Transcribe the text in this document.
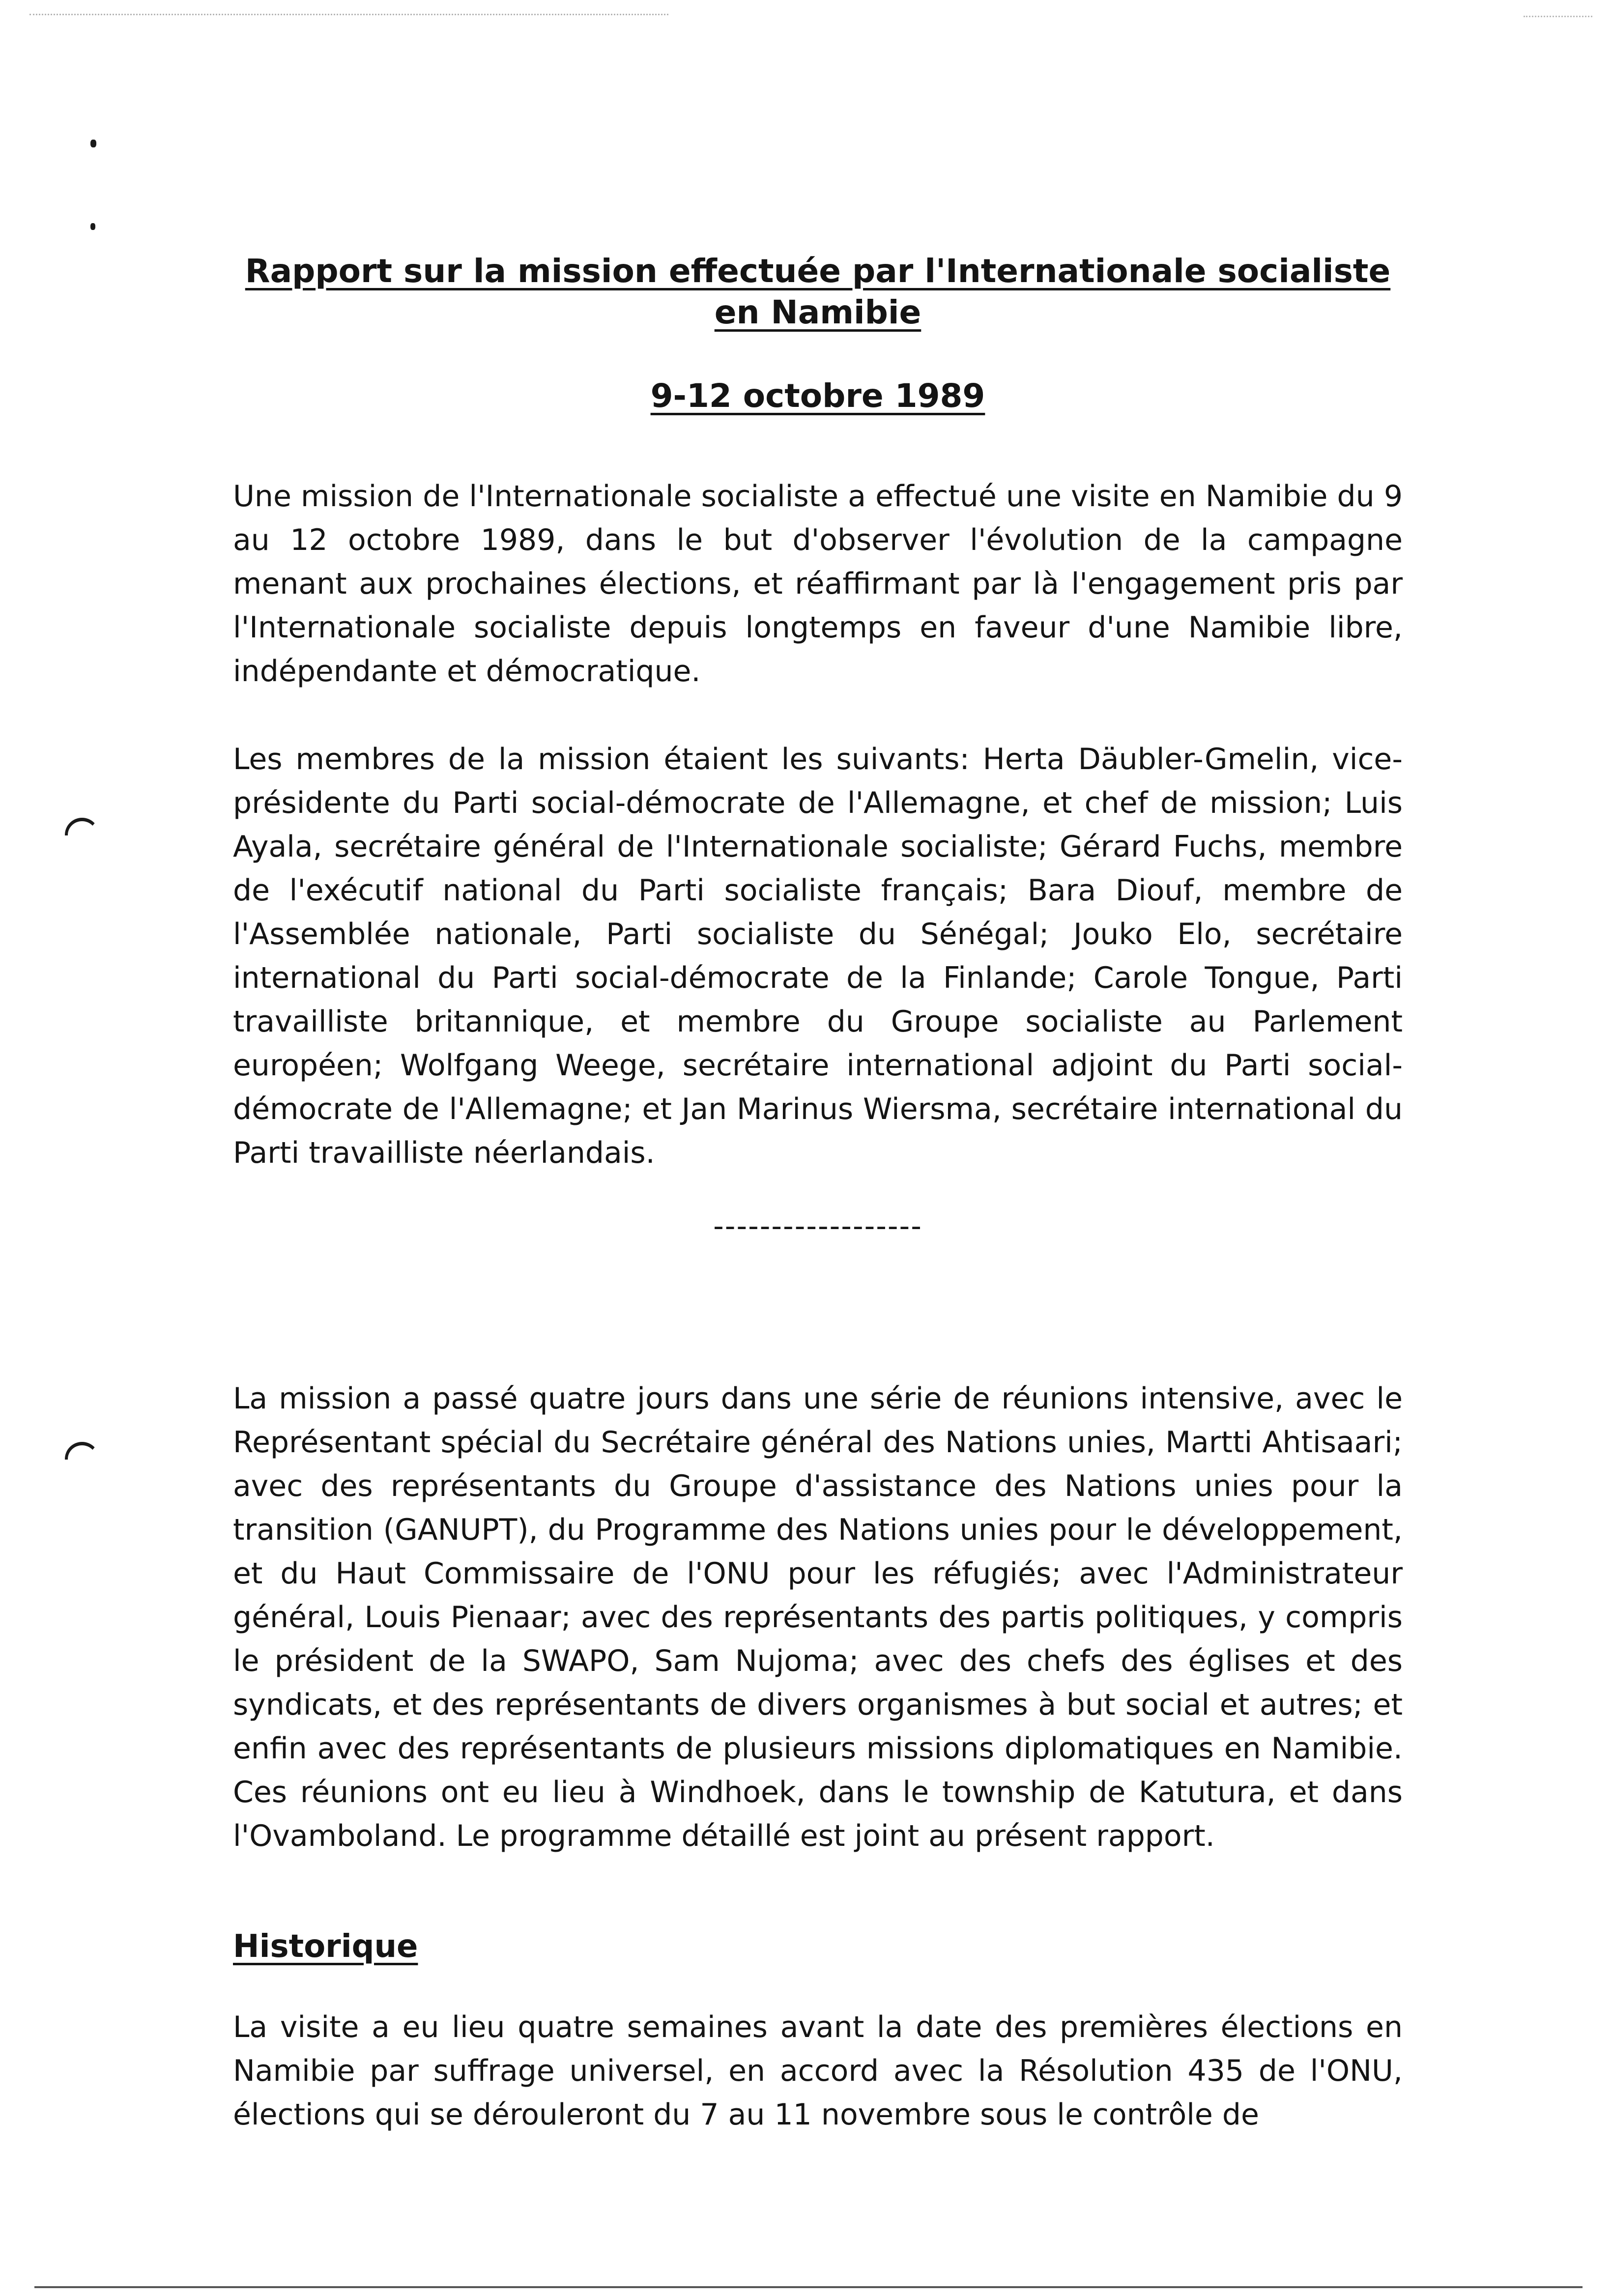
Rapport sur la mission effectuée par l'Internationale socialiste en Namibie

9-12 octobre 1989

Une mission de l'Internationale socialiste a effectué une visite en Namibie du 9 au 12 octobre 1989, dans le but d'observer l'évolution de la campagne menant aux prochaines élections, et réaffirmant par là l'engagement pris par l'Internationale socialiste depuis longtemps en faveur d'une Namibie libre, indépendante et démocratique.

Les membres de la mission étaient les suivants: Herta Däubler-Gmelin, vice-présidente du Parti social-démocrate de l'Allemagne, et chef de mission; Luis Ayala, secrétaire général de l'Internationale socialiste; Gérard Fuchs, membre de l'exécutif national du Parti socialiste français; Bara Diouf, membre de l'Assemblée nationale, Parti socialiste du Sénégal; Jouko Elo, secrétaire international du Parti social-démocrate de la Finlande; Carole Tongue, Parti travailliste britannique, et membre du Groupe socialiste au Parlement européen; Wolfgang Weege, secrétaire international adjoint du Parti social-démocrate de l'Allemagne; et Jan Marinus Wiersma, secrétaire international du Parti travailliste néerlandais.

------------------

La mission a passé quatre jours dans une série de réunions intensive, avec le Représentant spécial du Secrétaire général des Nations unies, Martti Ahtisaari; avec des représentants du Groupe d'assistance des Nations unies pour la transition (GANUPT), du Programme des Nations unies pour le développement, et du Haut Commissaire de l'ONU pour les réfugiés; avec l'Administrateur général, Louis Pienaar; avec des représentants des partis politiques, y compris le président de la SWAPO, Sam Nujoma; avec des chefs des églises et des syndicats, et des représentants de divers organismes à but social et autres; et enfin avec des représentants de plusieurs missions diplomatiques en Namibie. Ces réunions ont eu lieu à Windhoek, dans le township de Katutura, et dans l'Ovamboland. Le programme détaillé est joint au présent rapport.

Historique

La visite a eu lieu quatre semaines avant la date des premières élections en Namibie par suffrage universel, en accord avec la Résolution 435 de l'ONU, élections qui se dérouleront du 7 au 11 novembre sous le contrôle de
